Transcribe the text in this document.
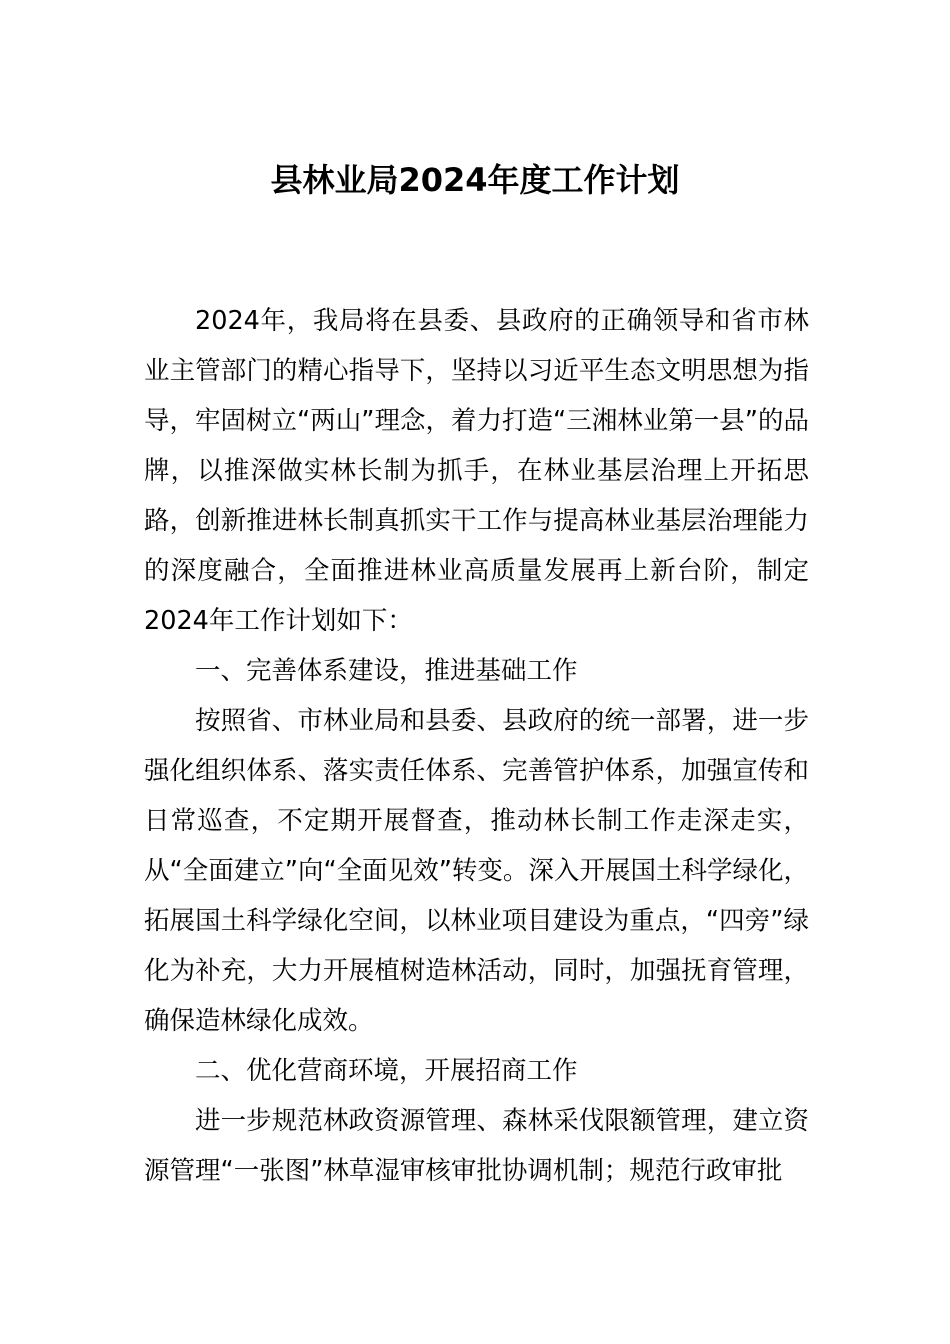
县林业局2024年度工作计划

2024年，我局将在县委、县政府的正确领导和省市林业主管部门的精心指导下，坚持以习近平生态文明思想为指导，牢固树立“两山”理念，着力打造“三湘林业第一县”的品牌，以推深做实林长制为抓手，在林业基层治理上开拓思路，创新推进林长制真抓实干工作与提高林业基层治理能力的深度融合，全面推进林业高质量发展再上新台阶，制定2024年工作计划如下：

一、完善体系建设，推进基础工作

按照省、市林业局和县委、县政府的统一部署，进一步强化组织体系、落实责任体系、完善管护体系，加强宣传和日常巡查，不定期开展督查，推动林长制工作走深走实，从“全面建立”向“全面见效”转变。深入开展国土科学绿化，拓展国土科学绿化空间，以林业项目建设为重点，“四旁”绿化为补充，大力开展植树造林活动，同时，加强抚育管理，确保造林绿化成效。

二、优化营商环境，开展招商工作

进一步规范林政资源管理、森林采伐限额管理，建立资源管理“一张图”林草湿审核审批协调机制；规范行政审批
